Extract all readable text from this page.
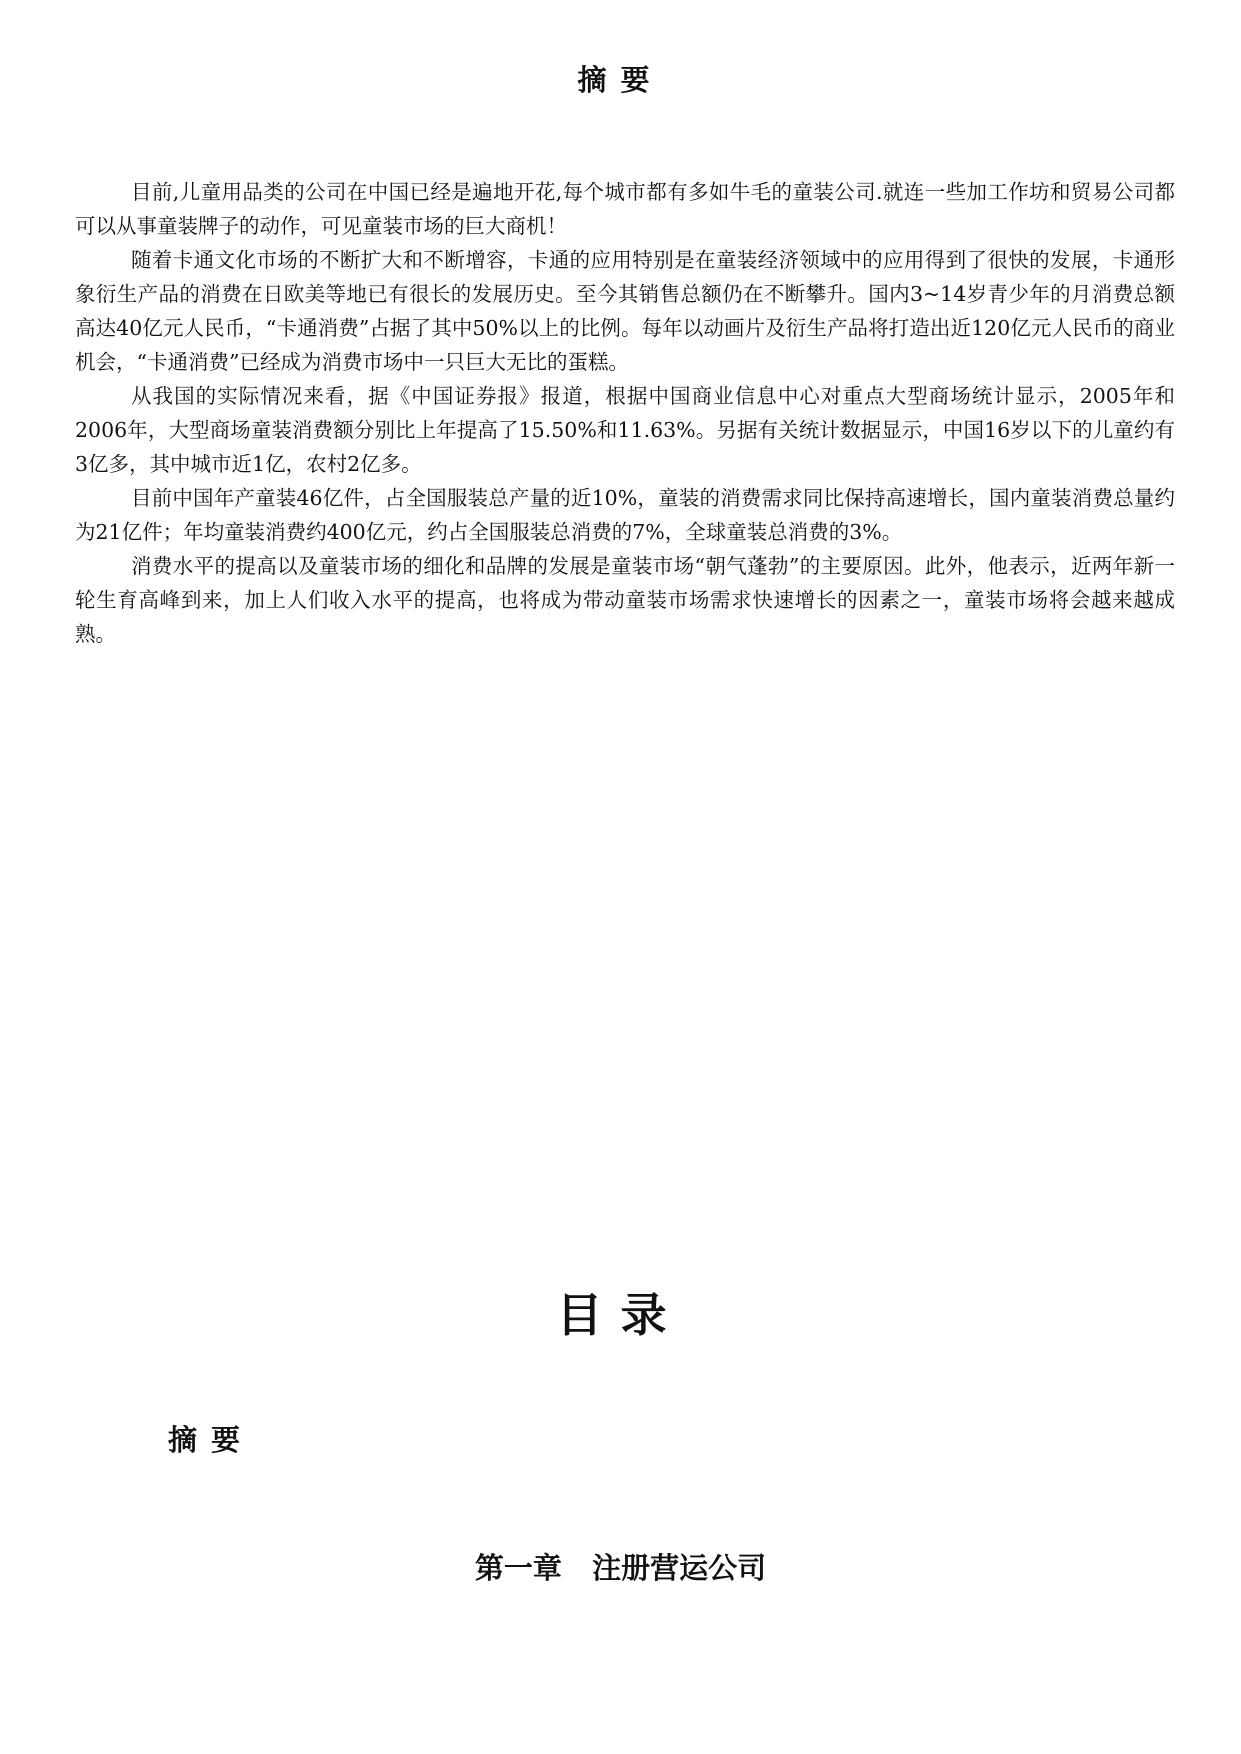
摘要

目前,儿童用品类的公司在中国已经是遍地开花,每个城市都有多如牛毛的童装公司.就连一些加工作坊和贸易公司都可以从事童装牌子的动作，可见童装市场的巨大商机！

随着卡通文化市场的不断扩大和不断增容，卡通的应用特别是在童装经济领域中的应用得到了很快的发展，卡通形象衍生产品的消费在日欧美等地已有很长的发展历史。至今其销售总额仍在不断攀升。国内3~14岁青少年的月消费总额高达40亿元人民币，“卡通消费”占据了其中50%以上的比例。每年以动画片及衍生产品将打造出近120亿元人民币的商业机会，“卡通消费”已经成为消费市场中一只巨大无比的蛋糕。

从我国的实际情况来看，据《中国证券报》报道，根据中国商业信息中心对重点大型商场统计显示，2005年和2006年，大型商场童装消费额分别比上年提高了15.50%和11.63%。另据有关统计数据显示，中国16岁以下的儿童约有3亿多，其中城市近1亿，农村2亿多。

目前中国年产童装46亿件，占全国服装总产量的近10%，童装的消费需求同比保持高速增长，国内童装消费总量约为21亿件；年均童装消费约400亿元，约占全国服装总消费的7%，全球童装总消费的3%。

消费水平的提高以及童装市场的细化和品牌的发展是童装市场“朝气蓬勃”的主要原因。此外，他表示，近两年新一轮生育高峰到来，加上人们收入水平的提高，也将成为带动童装市场需求快速增长的因素之一，童装市场将会越来越成熟。

目录
摘要
第一章   注册营运公司
